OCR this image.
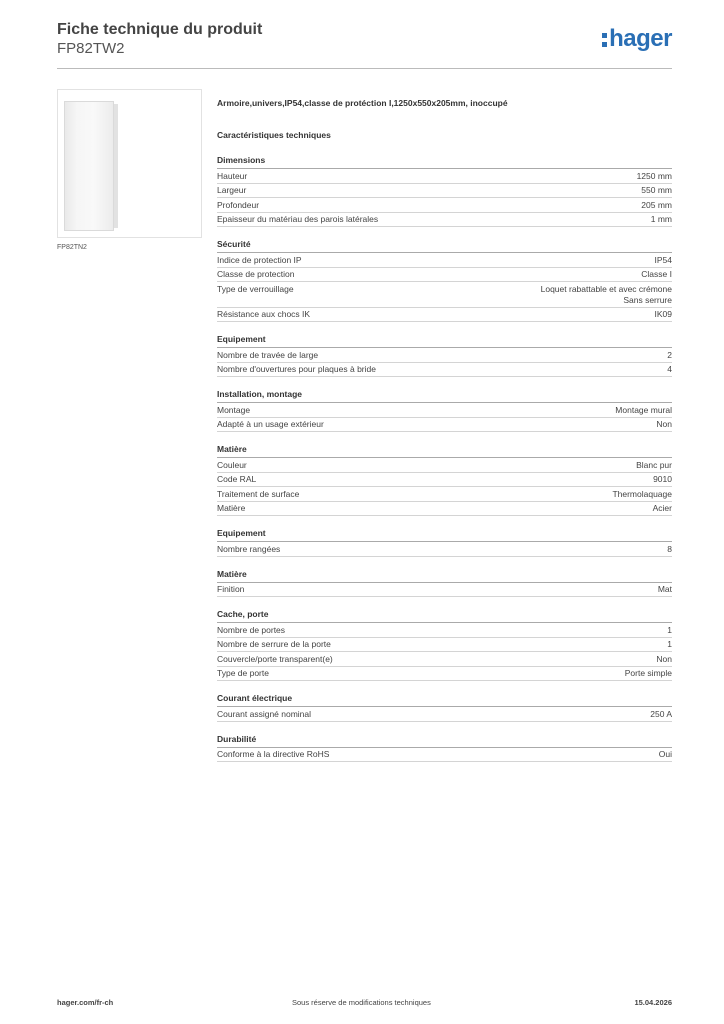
Fiche technique du produit
FP82TW2	hager
FP82TN2
Armoire,univers,IP54,classe de protéction I,1250x550x205mm, inoccupé
Caractéristiques techniques
Dimensions
Hauteur	1250 mm
Largeur	550 mm
Profondeur	205 mm
Epaisseur du matériau des parois latérales	1 mm
Sécurité
Indice de protection IP	IP54
Classe de protection	Classe I
Type de verrouillage	Loquet rabattable et avec crémone
Sans serrure
Résistance aux chocs IK	IK09
Equipement
Nombre de travée de large	2
Nombre d'ouvertures pour plaques à bride	4
Installation, montage
Montage	Montage mural
Adapté à un usage extérieur	Non
Matière
Couleur	Blanc pur
Code RAL	9010
Traitement de surface	Thermolaquage
Matière	Acier
Equipement
Nombre rangées	8
Matière
Finition	Mat
Cache, porte
Nombre de portes	1
Nombre de serrure de la porte	1
Couvercle/porte transparent(e)	Non
Type de porte	Porte simple
Courant électrique
Courant assigné nominal	250 A
Durabilité
Conforme à la directive RoHS	Oui
hager.com/fr-ch	Sous réserve de modifications techniques	15.04.2026
